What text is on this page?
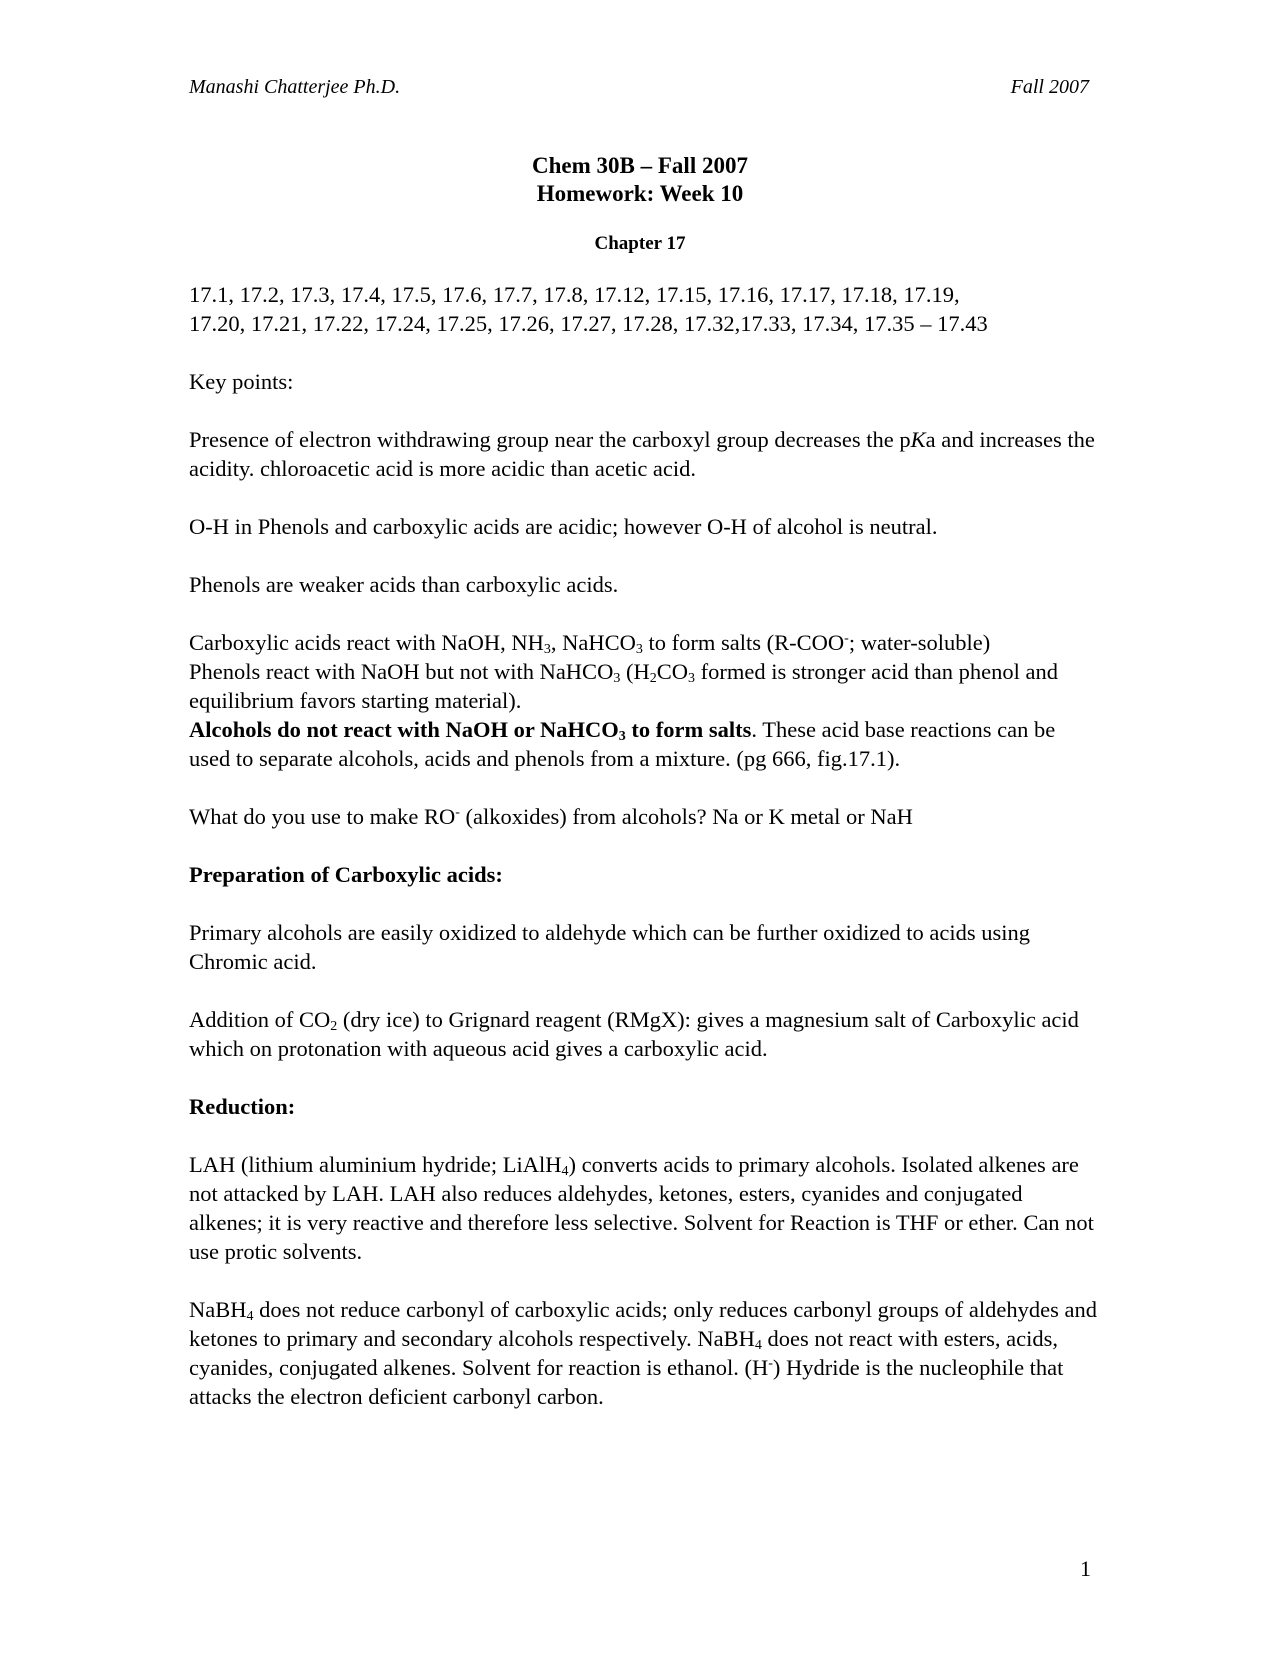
Manashi Chatterjee Ph.D.	Fall 2007
Chem 30B – Fall 2007
Homework: Week 10
Chapter 17

17.1, 17.2, 17.3, 17.4, 17.5, 17.6, 17.7, 17.8, 17.12, 17.15, 17.16, 17.17, 17.18, 17.19,
17.20, 17.21, 17.22, 17.24, 17.25, 17.26, 17.27, 17.28, 17.32,17.33, 17.34, 17.35 – 17.43

Key points:

Presence of electron withdrawing group near the carboxyl group decreases the pKa and increases the acidity. chloroacetic acid is more acidic than acetic acid.

O-H in Phenols and carboxylic acids are acidic; however O-H of alcohol is neutral.

Phenols are weaker acids than carboxylic acids.

Carboxylic acids react with NaOH, $NH_3$, NaHCO$_3$ to form salts (R-COO-; water-soluble)

Phenols react with NaOH but not with NaHCO$_3$ ($H_2CO_3$ formed is stronger acid than phenol and equilibrium favors starting material).

Alcohols do not react with NaOH or NaHCO$_3$ to form salts. These acid base reactions can be used to separate alcohols, acids and phenols from a mixture. (pg 666, fig.17.1).

What do you use to make RO- (alkoxides) from alcohols? Na or K metal or NaH

Preparation of Carboxylic acids:

Primary alcohols are easily oxidized to aldehyde which can be further oxidized to acids using Chromic acid.

Addition of $CO_2$ (dry ice) to Grignard reagent (RMgX): gives a magnesium salt of Carboxylic acid which on protonation with aqueous acid gives a carboxylic acid.

Reduction:

LAH (lithium aluminium hydride; LiAlH$_4$) converts acids to primary alcohols. Isolated alkenes are not attacked by LAH. LAH also reduces aldehydes, ketones, esters, cyanides and conjugated alkenes; it is very reactive and therefore less selective. Solvent for Reaction is THF or ether. Can not use protic solvents.

NaBH$_4$ does not reduce carbonyl of carboxylic acids; only reduces carbonyl groups of aldehydes and ketones to primary and secondary alcohols respectively. NaBH$_4$ does not react with esters, acids, cyanides, conjugated alkenes. Solvent for reaction is ethanol. (H-) Hydride is the nucleophile that attacks the electron deficient carbonyl carbon.

1
